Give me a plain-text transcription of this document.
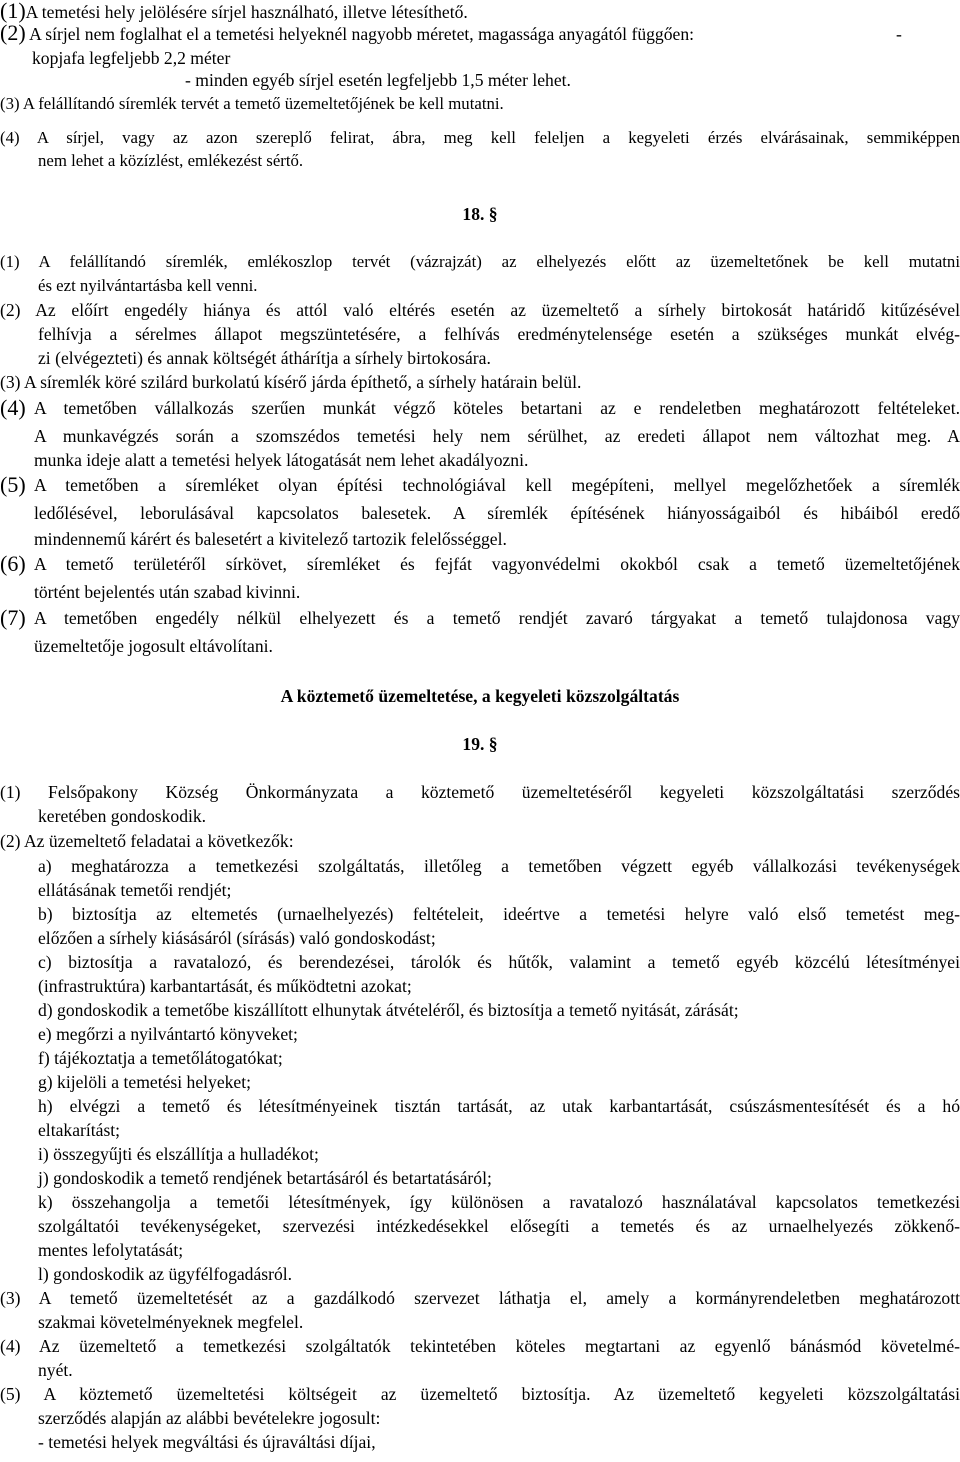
(1)A temetési hely jelölésére sírjel használható, illetve létesíthető.
(2) A sírjel nem foglalhat el a temetési helyeknél nagyobb méretet, magassága anyagától függően:	-
kopjafa legfeljebb 2,2 méter
- minden egyéb sírjel esetén legfeljebb 1,5 méter lehet.
(3) A felállítandó síremlék tervét a temető üzemeltetőjének be kell mutatni.
(4) A sírjel, vagy az azon szereplő felirat, ábra, meg kell feleljen a kegyeleti érzés elvárásainak, semmiképpen
nem lehet a közízlést, emlékezést sértő.
18. §
(1) A felállítandó síremlék, emlékoszlop tervét (vázrajzát) az elhelyezés előtt az üzemeltetőnek be kell mutatni
és ezt nyilvántartásba kell venni.
(2) Az előírt engedély hiánya és attól való eltérés esetén az üzemeltető a sírhely birtokosát határidő kitűzésével
felhívja a sérelmes állapot megszüntetésére, a felhívás eredménytelensége esetén a szükséges munkát elvég-
zi (elvégezteti) és annak költségét áthárítja a sírhely birtokosára.
(3) A síremlék köré szilárd burkolatú kísérő járda építhető, a sírhely határain belül.
(4) A temetőben vállalkozás szerűen munkát végző köteles betartani az e rendeletben meghatározott feltételeket.
A munkavégzés során a szomszédos temetési hely nem sérülhet, az eredeti állapot nem változhat meg. A
munka ideje alatt a temetési helyek látogatását nem lehet akadályozni.
(5) A temetőben a síremléket olyan építési technológiával kell megépíteni, mellyel megelőzhetőek a síremlék
ledőlésével, leborulásával kapcsolatos balesetek. A síremlék építésének hiányosságaiból és hibáiból eredő
mindennemű kárért és balesetért a kivitelező tartozik felelősséggel.
(6) A temető területéről sírkövet, síremléket és fejfát vagyonvédelmi okokból csak a temető üzemeltetőjének
történt bejelentés után szabad kivinni.
(7) A temetőben engedély nélkül elhelyezett és a temető rendjét zavaró tárgyakat a temető tulajdonosa vagy
üzemeltetője jogosult eltávolítani.
A köztemető üzemeltetése, a kegyeleti közszolgáltatás
19. §
(1) Felsőpakony Község Önkormányzata a köztemető üzemeltetéséről kegyeleti közszolgáltatási szerződés
keretében gondoskodik.
(2) Az üzemeltető feladatai a következők:
a) meghatározza a temetkezési szolgáltatás, illetőleg a temetőben végzett egyéb vállalkozási tevékenységek
ellátásának temetői rendjét;
b) biztosítja az eltemetés (urnaelhelyezés) feltételeit, ideértve a temetési helyre való első temetést meg-
előzően a sírhely kiásásáról (sírásás) való gondoskodást;
c) biztosítja a ravatalozó, és berendezései, tárolók és hűtők, valamint a temető egyéb közcélú létesítményei
(infrastruktúra) karbantartását, és működtetni azokat;
d) gondoskodik a temetőbe kiszállított elhunytak átvételéről, és biztosítja a temető nyitását, zárását;
e) megőrzi a nyilvántartó könyveket;
f) tájékoztatja a temetőlátogatókat;
g) kijelöli a temetési helyeket;
h) elvégzi a temető és létesítményeinek tisztán tartását, az utak karbantartását, csúszásmentesítését és a hó
eltakarítást;
i) összegyűjti és elszállítja a hulladékot;
j) gondoskodik a temető rendjének betartásáról és betartatásáról;
k) összehangolja a temetői létesítmények, így különösen a ravatalozó használatával kapcsolatos temetkezési
szolgáltatói tevékenységeket, szervezési intézkedésekkel elősegíti a temetés és az urnaelhelyezés zökkenő-
mentes lefolytatását;
l) gondoskodik az ügyfélfogadásról.
(3) A temető üzemeltetését az a gazdálkodó szervezet láthatja el, amely a kormányrendeletben meghatározott
szakmai követelményeknek megfelel.
(4) Az üzemeltető a temetkezési szolgáltatók tekintetében köteles megtartani az egyenlő bánásmód követelmé-
nyét.
(5) A köztemető üzemeltetési költségeit az üzemeltető biztosítja. Az üzemeltető kegyeleti közszolgáltatási
szerződés alapján az alábbi bevételekre jogosult:
- temetési helyek megváltási és újraváltási díjai,
